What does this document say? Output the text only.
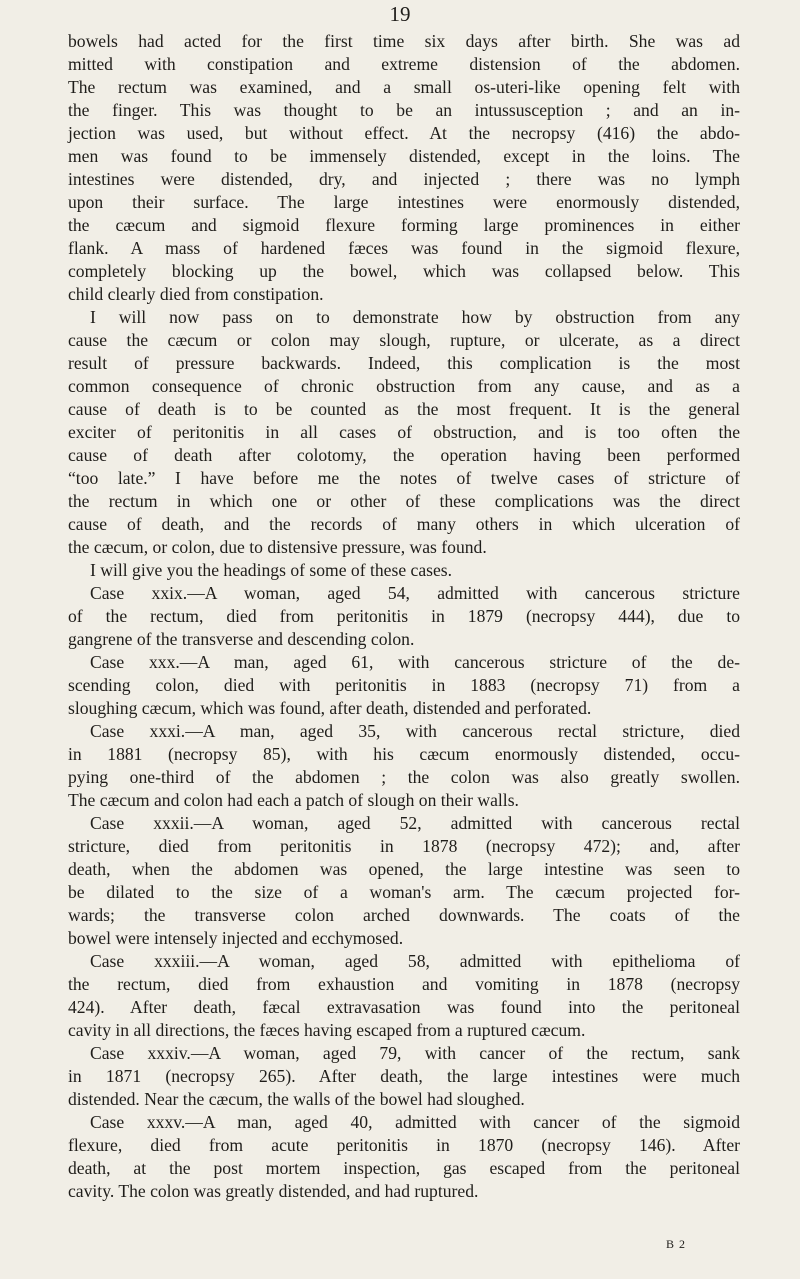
19
bowels had acted for the first time six days after birth. She was ad
mitted with constipation and extreme distension of the abdomen.
The rectum was examined, and a small os-uteri-like opening felt with
the finger. This was thought to be an intussusception ; and an in-
jection was used, but without effect. At the necropsy (416) the abdo-
men was found to be immensely distended, except in the loins. The
intestines were distended, dry, and injected ; there was no lymph
upon their surface. The large intestines were enormously distended,
the cæcum and sigmoid flexure forming large prominences in either
flank. A mass of hardened fæces was found in the sigmoid flexure,
completely blocking up the bowel, which was collapsed below. This
child clearly died from constipation.
I will now pass on to demonstrate how by obstruction from any
cause the cæcum or colon may slough, rupture, or ulcerate, as a direct
result of pressure backwards. Indeed, this complication is the most
common consequence of chronic obstruction from any cause, and as a
cause of death is to be counted as the most frequent. It is the general
exciter of peritonitis in all cases of obstruction, and is too often the
cause of death after colotomy, the operation having been performed
“too late.” I have before me the notes of twelve cases of stricture of
the rectum in which one or other of these complications was the direct
cause of death, and the records of many others in which ulceration of
the cæcum, or colon, due to distensive pressure, was found.
I will give you the headings of some of these cases.
Case xxix.—A woman, aged 54, admitted with cancerous stricture
of the rectum, died from peritonitis in 1879 (necropsy 444), due to
gangrene of the transverse and descending colon.
Case xxx.—A man, aged 61, with cancerous stricture of the de-
scending colon, died with peritonitis in 1883 (necropsy 71) from a
sloughing cæcum, which was found, after death, distended and perforated.
Case xxxi.—A man, aged 35, with cancerous rectal stricture, died
in 1881 (necropsy 85), with his cæcum enormously distended, occu-
pying one-third of the abdomen ; the colon was also greatly swollen.
The cæcum and colon had each a patch of slough on their walls.
Case xxxii.—A woman, aged 52, admitted with cancerous rectal
stricture, died from peritonitis in 1878 (necropsy 472); and, after
death, when the abdomen was opened, the large intestine was seen to
be dilated to the size of a woman's arm. The cæcum projected for-
wards; the transverse colon arched downwards. The coats of the
bowel were intensely injected and ecchymosed.
Case xxxiii.—A woman, aged 58, admitted with epithelioma of
the rectum, died from exhaustion and vomiting in 1878 (necropsy
424). After death, fæcal extravasation was found into the peritoneal
cavity in all directions, the fæces having escaped from a ruptured cæcum.
Case xxxiv.—A woman, aged 79, with cancer of the rectum, sank
in 1871 (necropsy 265). After death, the large intestines were much
distended. Near the cæcum, the walls of the bowel had sloughed.
Case xxxv.—A man, aged 40, admitted with cancer of the sigmoid
flexure, died from acute peritonitis in 1870 (necropsy 146). After
death, at the post mortem inspection, gas escaped from the peritoneal
cavity. The colon was greatly distended, and had ruptured.
B 2
